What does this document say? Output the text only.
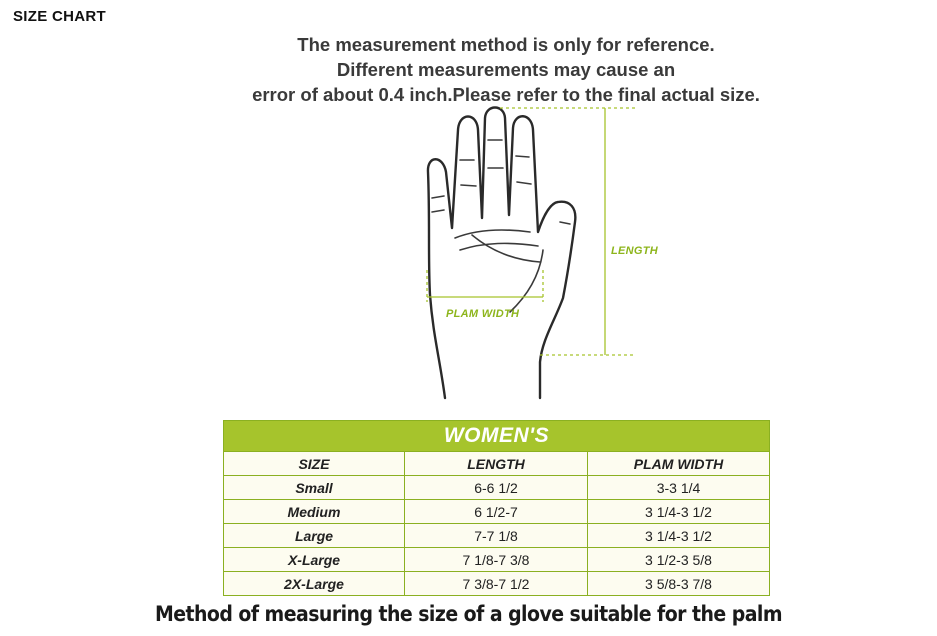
SIZE CHART
The measurement method is only for reference.
Different measurements may cause an
error of about 0.4 inch.Please refer to the final actual size.
LENGTH
PLAM WIDTH
WOMEN'S		
SIZE	LENGTH	PLAM WIDTH
Small	6-6 1/2	3-3 1/4
Medium	6 1/2-7	3 1/4-3 1/2
Large	7-7 1/8	3 1/4-3 1/2
X-Large	7 1/8-7 3/8	3 1/2-3 5/8
2X-Large	7 3/8-7 1/2	3 5/8-3 7/8
Method of measuring the size of a glove suitable for the palm
